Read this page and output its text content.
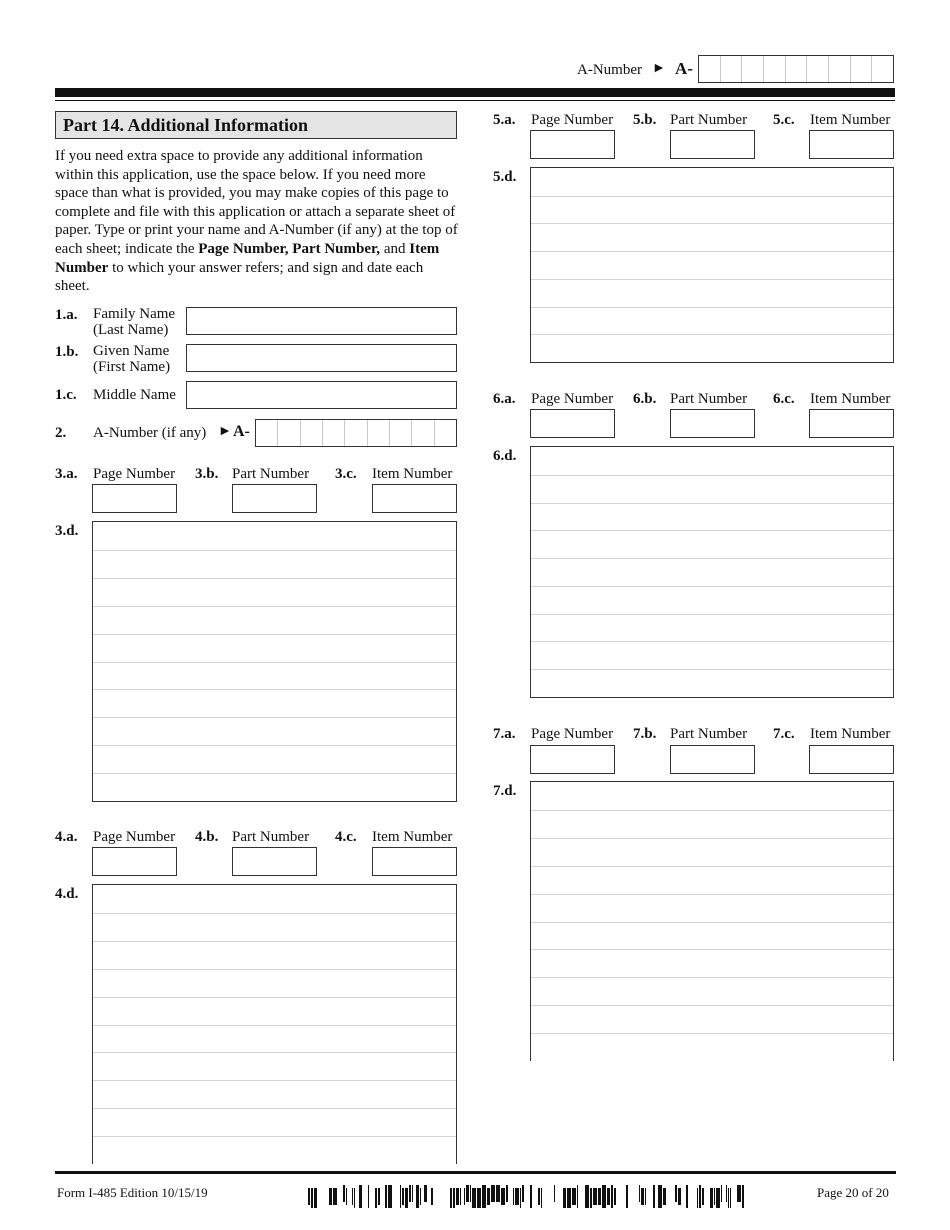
A-Number ► A-
Part 14. Additional Information
If you need extra space to provide any additional information within this application, use the space below. If you need more space than what is provided, you may make copies of this page to complete and file with this application or attach a separate sheet of paper. Type or print your name and A-Number (if any) at the top of each sheet; indicate the Page Number, Part Number, and Item Number to which your answer refers; and sign and date each sheet.
1.a. Family Name
(Last Name)
1.b. Given Name
(First Name)
1.c. Middle Name
2. A-Number (if any) ► A-
3.a. Page Number 3.b. Part Number 3.c. Item Number
3.d.
4.a. Page Number 4.b. Part Number 4.c. Item Number
4.d.
5.a. Page Number 5.b. Part Number 5.c. Item Number
5.d.
6.a. Page Number 6.b. Part Number 6.c. Item Number
6.d.
7.a. Page Number 7.b. Part Number 7.c. Item Number
7.d.
Form I-485 Edition 10/15/19	Page 20 of 20
